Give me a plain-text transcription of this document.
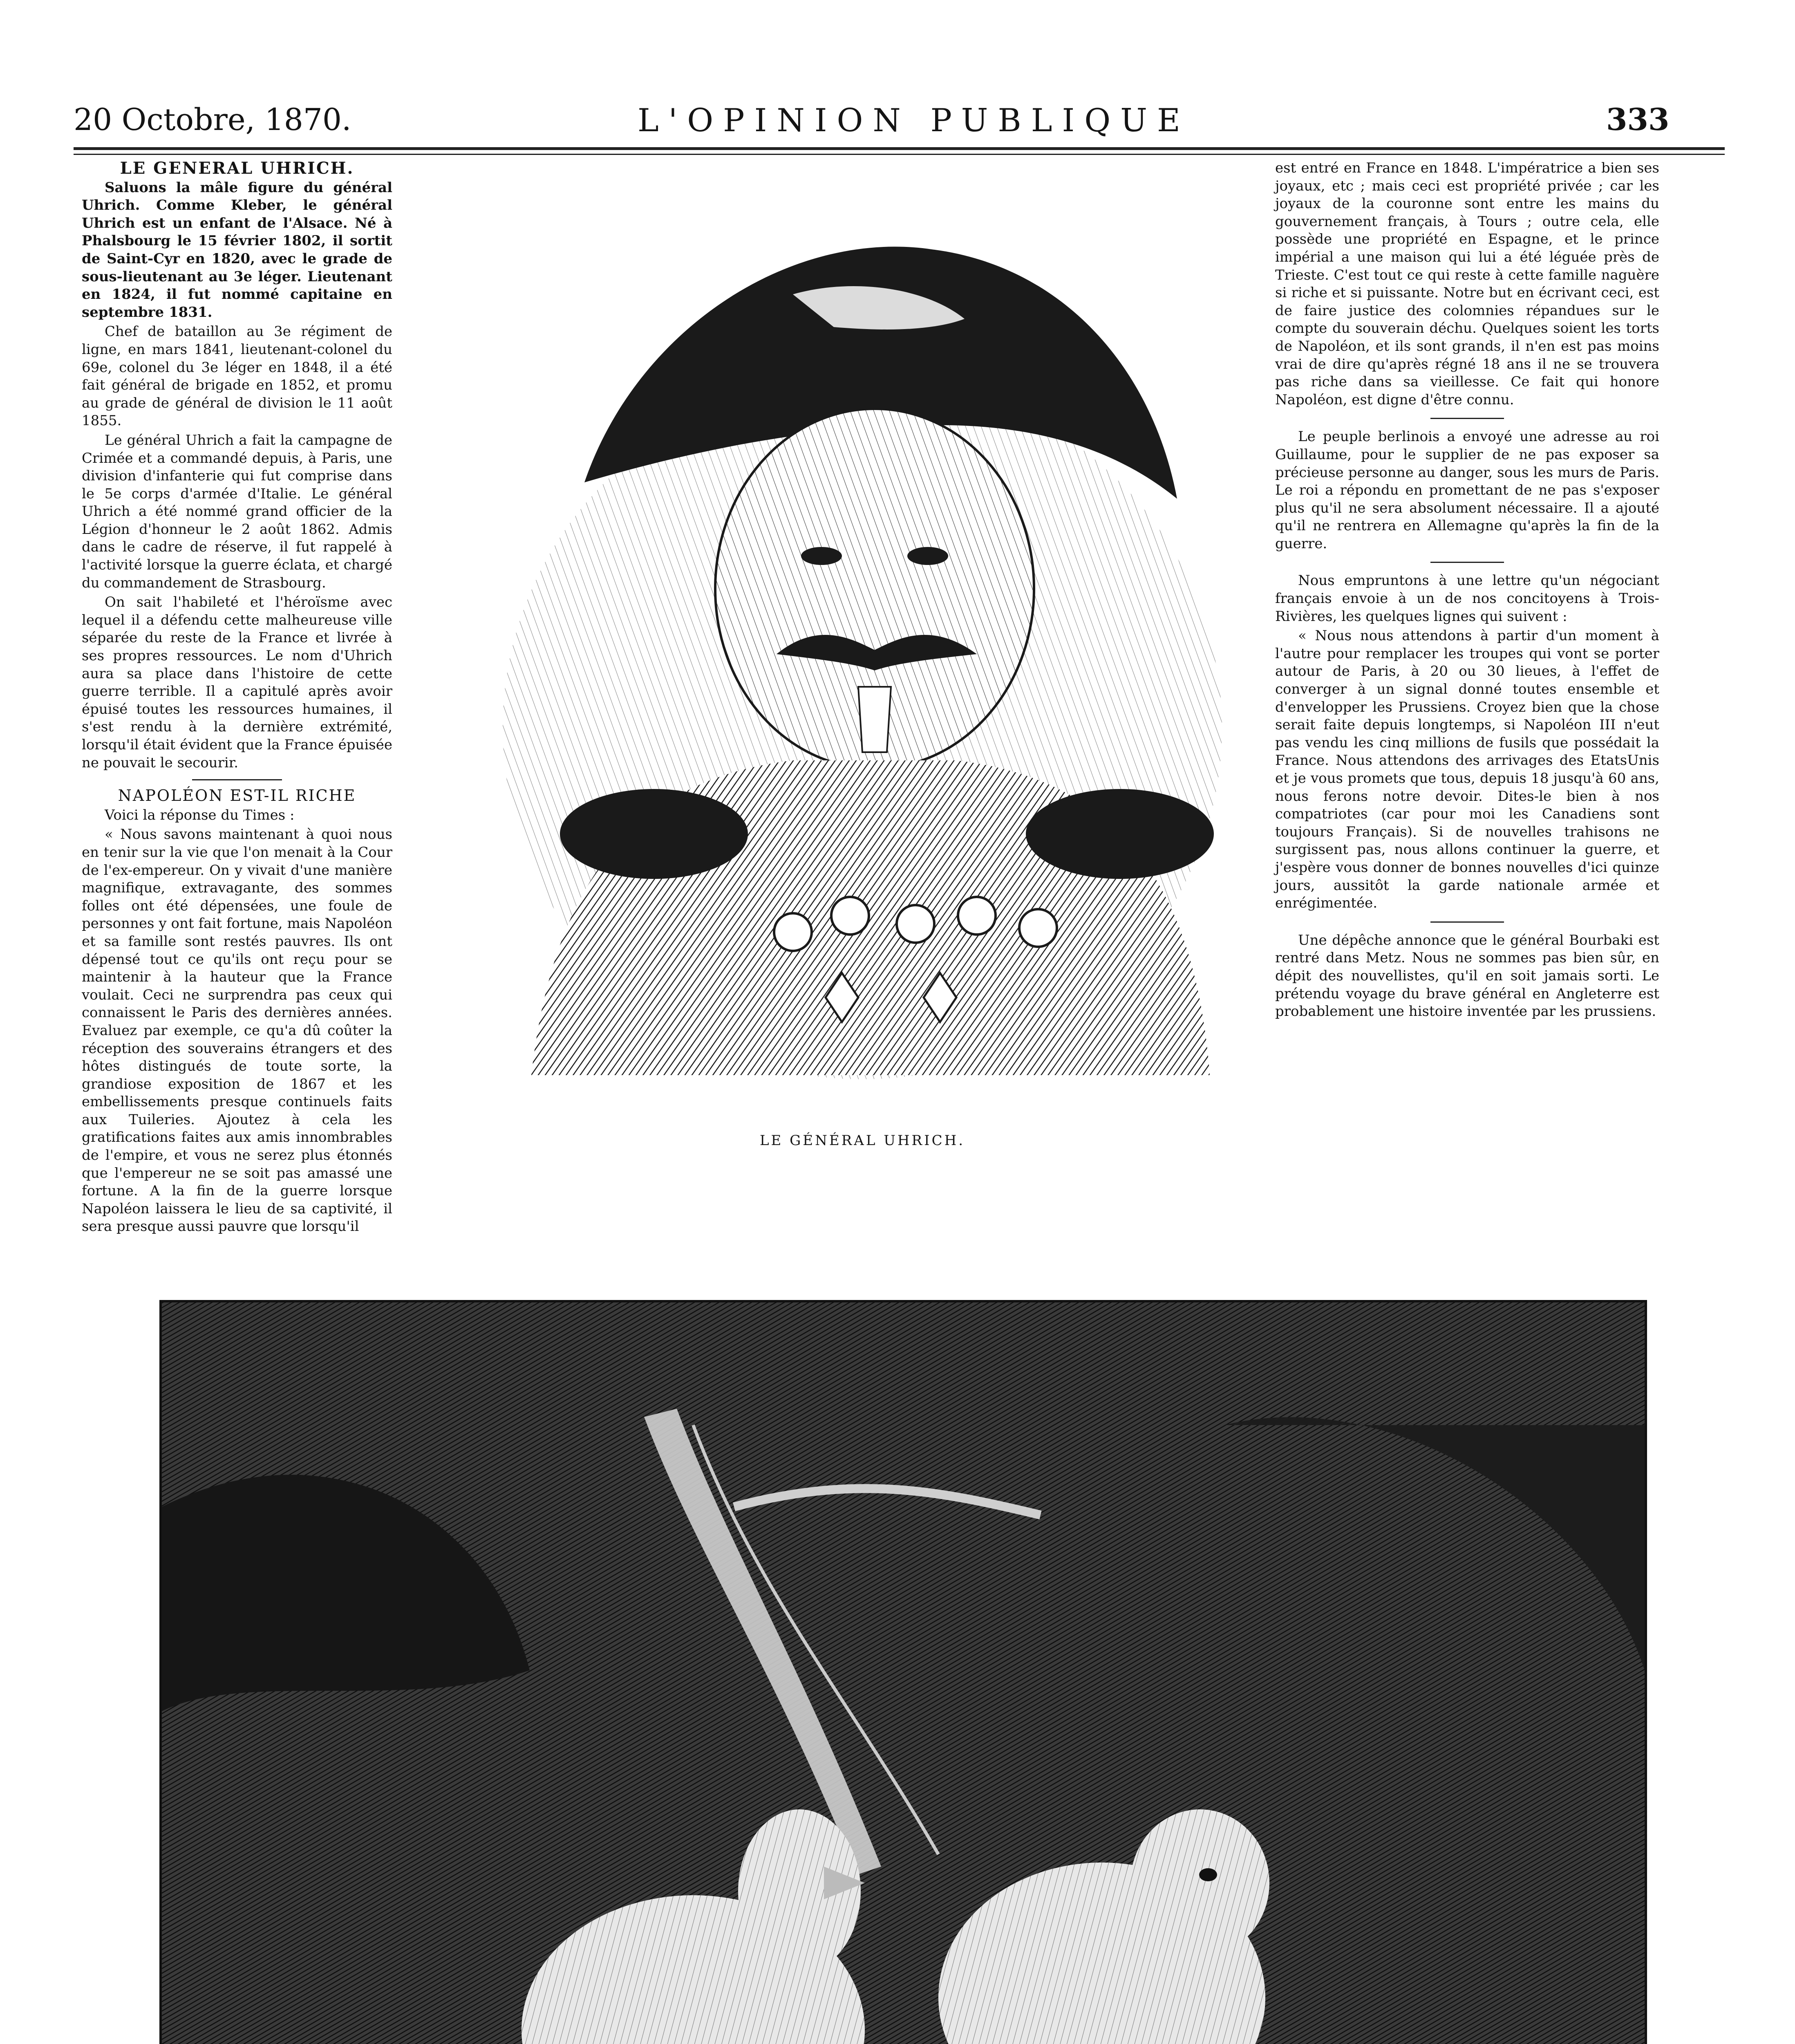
20 Octobre, 1870.	L'OPINION PUBLIQUE	333

LE GENERAL UHRICH.

Saluons la mâle figure du général Uhrich. Comme Kleber, le général Uhrich est un enfant de l'Alsace. Né à Phalsbourg le 15 février 1802, il sortit de Saint-Cyr en 1820, avec le grade de sous-lieutenant au 3e léger. Lieutenant en 1824, il fut nommé capitaine en septembre 1831.

Chef de bataillon au 3e régiment de ligne, en mars 1841, lieutenant-colonel du 69e, colonel du 3e léger en 1848, il a été fait général de brigade en 1852, et promu au grade de général de division le 11 août 1855.

Le général Uhrich a fait la campagne de Crimée et a commandé depuis, à Paris, une division d'infanterie qui fut comprise dans le 5e corps d'armée d'Italie. Le général Uhrich a été nommé grand officier de la Légion d'honneur le 2 août 1862. Admis dans le cadre de réserve, il fut rappelé à l'activité lorsque la guerre éclata, et chargé du commandement de Strasbourg.

On sait l'habileté et l'héroïsme avec lequel il a défendu cette malheureuse ville séparée du reste de la France et livrée à ses propres ressources. Le nom d'Uhrich aura sa place dans l'histoire de cette guerre terrible. Il a capitulé après avoir épuisé toutes les ressources humaines, il s'est rendu à la dernière extrémité, lorsqu'il était évident que la France épuisée ne pouvait le secourir.

NAPOLÉON EST-IL RICHE

Voici la réponse du Times :

« Nous savons maintenant à quoi nous en tenir sur la vie que l'on menait à la Cour de l'ex-empereur. On y vivait d'une manière magnifique, extravagante, des sommes folles ont été dépensées, une foule de personnes y ont fait fortune, mais Napoléon et sa famille sont restés pauvres. Ils ont dépensé tout ce qu'ils ont reçu pour se maintenir à la hauteur que la France voulait. Ceci ne surprendra pas ceux qui connaissent le Paris des dernières années. Evaluez par exemple, ce qu'a dû coûter la réception des souverains étrangers et des hôtes distingués de toute sorte, la grandiose exposition de 1867 et les embellissements presque continuels faits aux Tuileries. Ajoutez à cela les gratifications faites aux amis innombrables de l'empire, et vous ne serez plus étonnés que l'empereur ne se soit pas amassé une fortune. A la fin de la guerre lorsque Napoléon laissera le lieu de sa captivité, il sera presque aussi pauvre que lorsqu'il

LE GÉNÉRAL UHRICH.

est entré en France en 1848. L'impératrice a bien ses joyaux, etc ; mais ceci est propriété privée ; car les joyaux de la couronne sont entre les mains du gouvernement français, à Tours ; outre cela, elle possède une propriété en Espagne, et le prince impérial a une maison qui lui a été léguée près de Trieste. C'est tout ce qui reste à cette famille naguère si riche et si puissante. Notre but en écrivant ceci, est de faire justice des colomnies répandues sur le compte du souverain déchu. Quelques soient les torts de Napoléon, et ils sont grands, il n'en est pas moins vrai de dire qu'après régné 18 ans il ne se trouvera pas riche dans sa vieillesse. Ce fait qui honore Napoléon, est digne d'être connu.

Le peuple berlinois a envoyé une adresse au roi Guillaume, pour le supplier de ne pas exposer sa précieuse personne au danger, sous les murs de Paris. Le roi a répondu en promettant de ne pas s'exposer plus qu'il ne sera absolument nécessaire. Il a ajouté qu'il ne rentrera en Allemagne qu'après la fin de la guerre.

Nous empruntons à une lettre qu'un négociant français envoie à un de nos concitoyens à Trois-Rivières, les quelques lignes qui suivent :

« Nous nous attendons à partir d'un moment à l'autre pour remplacer les troupes qui vont se porter autour de Paris, à 20 ou 30 lieues, à l'effet de converger à un signal donné toutes ensemble et d'envelopper les Prussiens. Croyez bien que la chose serait faite depuis longtemps, si Napoléon III n'eut pas vendu les cinq millions de fusils que possédait la France. Nous attendons des arrivages des EtatsUnis et je vous promets que tous, depuis 18 jusqu'à 60 ans, nous ferons notre devoir. Dites-le bien à nos compatriotes (car pour moi les Canadiens sont toujours Français). Si de nouvelles trahisons ne surgissent pas, nous allons continuer la guerre, et j'espère vous donner de bonnes nouvelles d'ici quinze jours, aussitôt la garde nationale armée et enrégimentée.

Une dépêche annonce que le général Bourbaki est rentré dans Metz. Nous ne sommes pas bien sûr, en dépit des nouvellistes, qu'il en soit jamais sorti. Le prétendu voyage du brave général en Angleterre est probablement une histoire inventée par les prussiens.
